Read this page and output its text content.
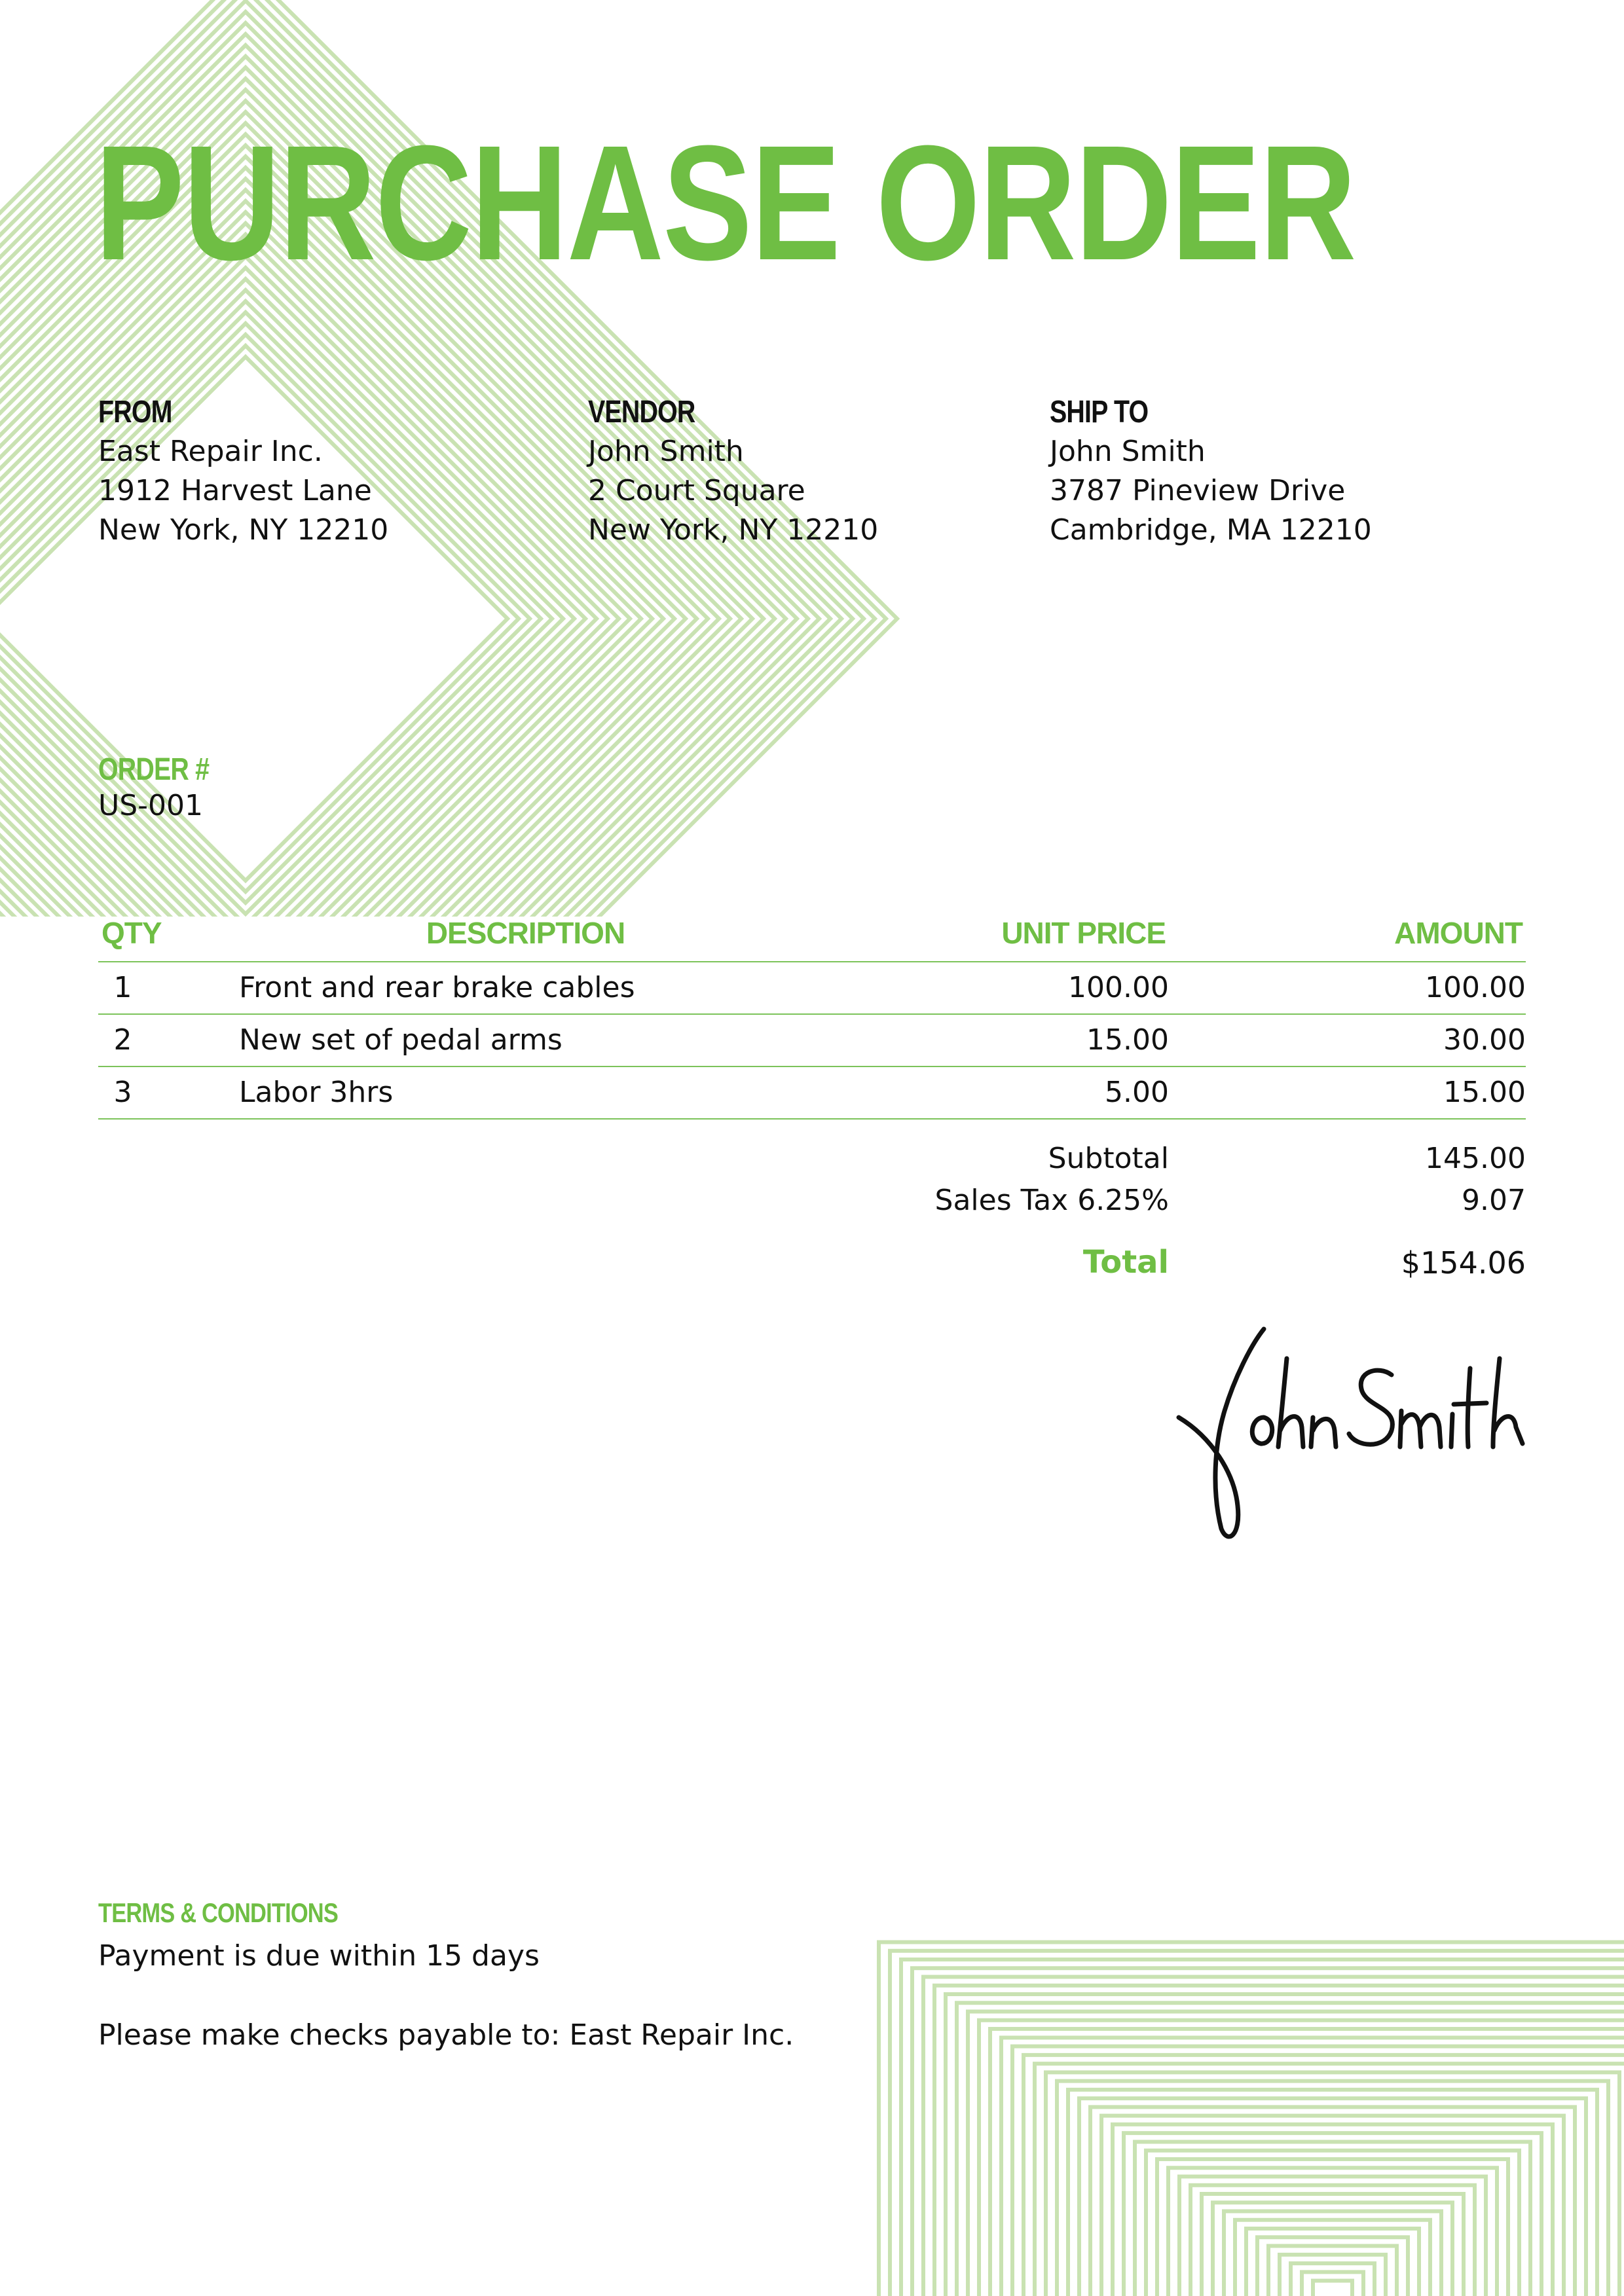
PURCHASE ORDER
FROM
East Repair Inc.
1912 Harvest Lane
New York, NY 12210
VENDOR
John Smith
2 Court Square
New York, NY 12210
SHIP TO
John Smith
3787 Pineview Drive
Cambridge, MA 12210
ORDER #
US-001
QTY	DESCRIPTION	UNIT PRICE	AMOUNT
1	Front and rear brake cables	100.00	100.00
2	New set of pedal arms	15.00	30.00
3	Labor 3hrs	5.00	15.00
Subtotal	145.00
Sales Tax 6.25%	9.07
Total	$154.06
TERMS & CONDITIONS
Payment is due within 15 days
Please make checks payable to: East Repair Inc.
